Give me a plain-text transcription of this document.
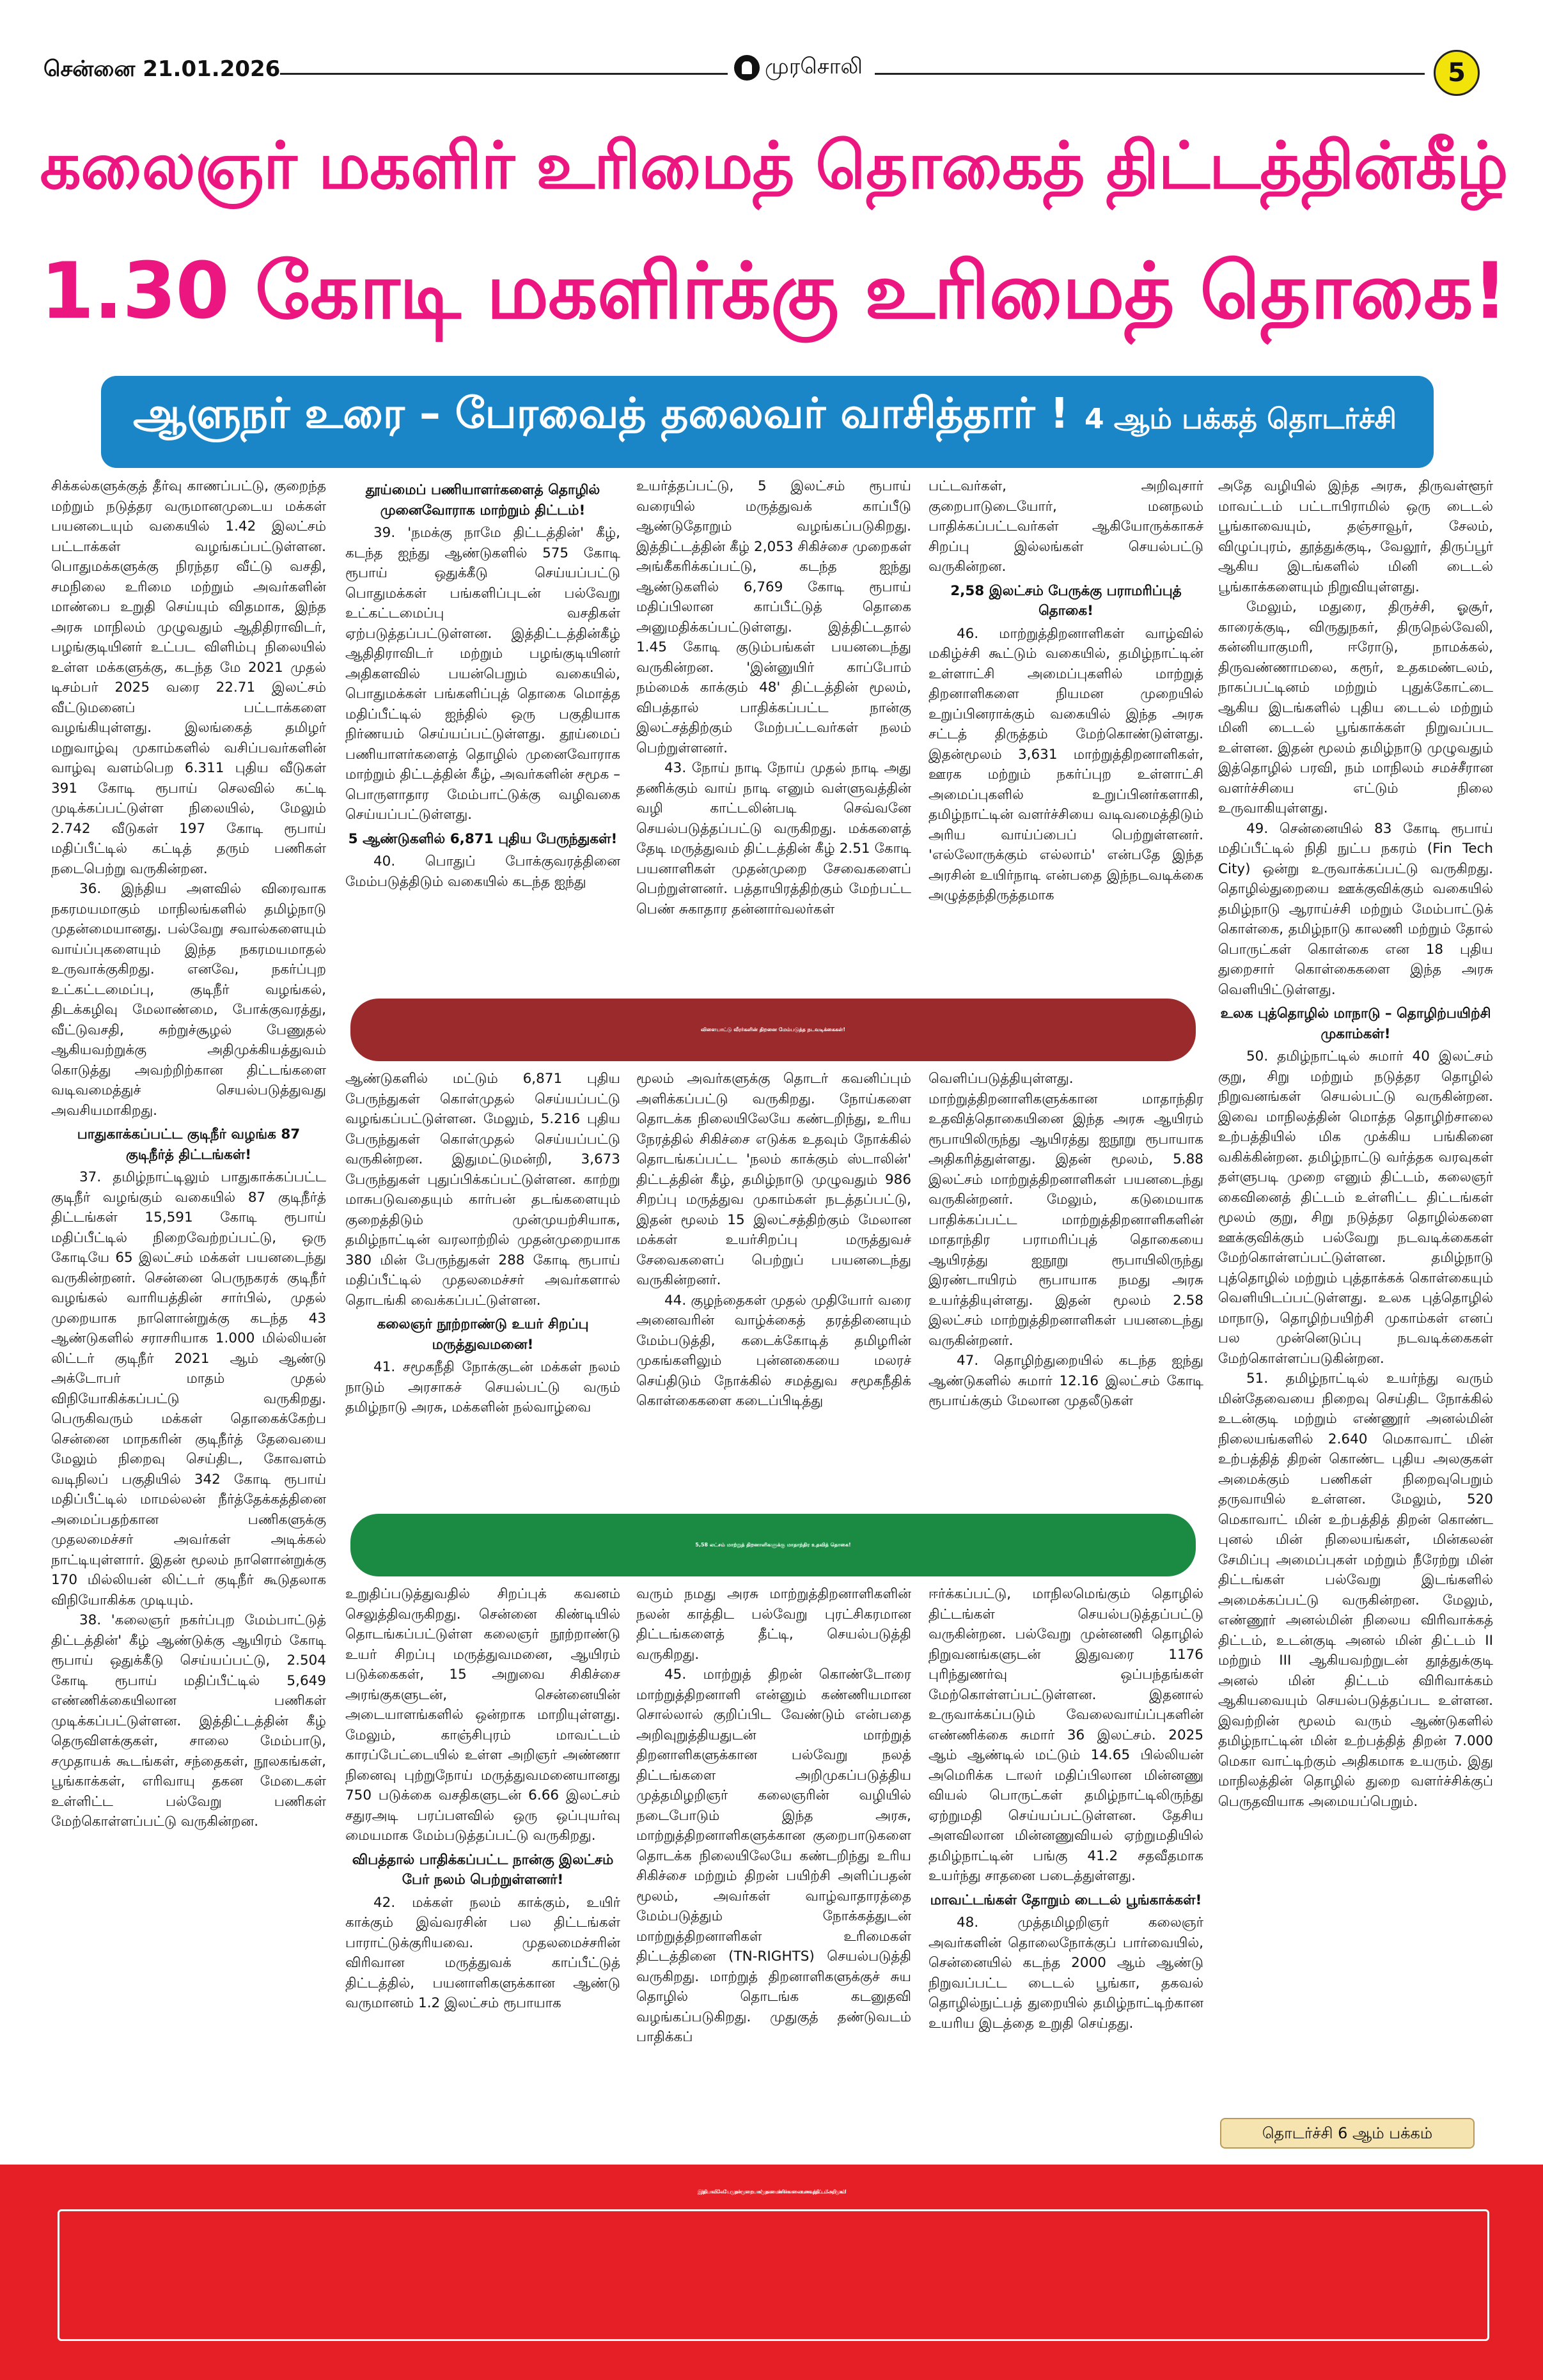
சென்னை 21.01.2026	முரசொலி	5
கலைஞர் மகளிர் உரிமைத் தொகைத் திட்டத்தின்கீழ்
1.30 கோடி மகளிர்க்கு உரிமைத் தொகை!
ஆளுநர் உரை – பேரவைத் தலைவர் வாசித்தார் ! 4 ஆம் பக்கத் தொடர்ச்சி

சிக்கல்களுக்குத் தீர்வு காணப்பட்டு, குறைந்த மற்றும் நடுத்தர வருமானமுடைய மக்கள் பயனடையும் வகையில் 1.42 இலட்சம் பட்டாக்கள் வழங்கப்பட்டுள்ளன. பொதுமக்களுக்கு நிரந்தர வீட்டு வசதி, சமநிலை உரிமை மற்றும் அவர்களின் மாண்பை உறுதி செய்யும் விதமாக, இந்த அரசு மாநிலம் முழுவதும் ஆதிதிராவிடர், பழங்குடியினர் உட்பட விளிம்பு நிலையில் உள்ள மக்களுக்கு, கடந்த மே 2021 முதல் டிசம்பர் 2025 வரை 22.71 இலட்சம் வீட்டுமனைப் பட்டாக்களை வழங்கியுள்ளது. இலங்கைத் தமிழர் மறுவாழ்வு முகாம்களில் வசிப்பவர்களின் வாழ்வு வளம்பெற 6.311 புதிய வீடுகள் 391 கோடி ரூபாய் செலவில் கட்டி முடிக்கப்பட்டுள்ள நிலையில், மேலும் 2.742 வீடுகள் 197 கோடி ரூபாய் மதிப்பீட்டில் கட்டித் தரும் பணிகள் நடைபெற்று வருகின்றன.

36. இந்திய அளவில் விரைவாக நகரமயமாகும் மாநிலங்களில் தமிழ்நாடு முதன்மையானது. பல்வேறு சவால்களையும் வாய்ப்புகளையும் இந்த நகரமயமாதல் உருவாக்குகிறது. எனவே, நகர்ப்புற உட்கட்டமைப்பு, குடிநீர் வழங்கல், திடக்கழிவு மேலாண்மை, போக்குவரத்து, வீட்டுவசதி, சுற்றுச்சூழல் பேணுதல் ஆகியவற்றுக்கு அதிமுக்கியத்துவம் கொடுத்து அவற்றிற்கான திட்டங்களை வடிவமைத்துச் செயல்படுத்துவது அவசியமாகிறது.

பாதுகாக்கப்பட்ட குடிநீர் வழங்க 87 குடிநீர்த் திட்டங்கள்!

37. தமிழ்நாட்டிலும் பாதுகாக்கப்பட்ட குடிநீர் வழங்கும் வகையில் 87 குடிநீர்த் திட்டங்கள் 15,591 கோடி ரூபாய் மதிப்பீட்டில் நிறைவேற்றப்பட்டு, ஒரு கோடியே 65 இலட்சம் மக்கள் பயனடைந்து வருகின்றனர். சென்னை பெருநகரக் குடிநீர் வழங்கல் வாரியத்தின் சார்பில், முதல் முறையாக நாளொன்றுக்கு கடந்த 43 ஆண்டுகளில் சராசரியாக 1.000 மில்லியன் லிட்டர் குடிநீர் 2021 ஆம் ஆண்டு அக்டோபர் மாதம் முதல் விநியோகிக்கப்பட்டு வருகிறது. பெருகிவரும் மக்கள் தொகைக்கேற்ப சென்னை மாநகரின் குடிநீர்த் தேவையை மேலும் நிறைவு செய்திட, கோவளம் வடிநிலப் பகுதியில் 342 கோடி ரூபாய் மதிப்பீட்டில் மாமல்லன் நீர்த்தேக்கத்தினை அமைப்பதற்கான பணிகளுக்கு முதலமைச்சர் அவர்கள் அடிக்கல் நாட்டியுள்ளார். இதன் மூலம் நாளொன்றுக்கு 170 மில்லியன் லிட்டர் குடிநீர் கூடுதலாக விநியோகிக்க முடியும்.

38. 'கலைஞர் நகர்ப்புற மேம்பாட்டுத் திட்டத்தின்' கீழ் ஆண்டுக்கு ஆயிரம் கோடி ரூபாய் ஒதுக்கீடு செய்யப்பட்டு, 2.504 கோடி ரூபாய் மதிப்பீட்டில் 5,649 எண்ணிக்கையிலான பணிகள் முடிக்கப்பட்டுள்ளன. இத்திட்டத்தின் கீழ் தெருவிளக்குகள், சாலை மேம்பாடு, சமுதாயக் கூடங்கள், சந்தைகள், நூலகங்கள், பூங்காக்கள், எரிவாயு தகன மேடைகள் உள்ளிட்ட பல்வேறு பணிகள் மேற்கொள்ளப்பட்டு வருகின்றன.

தூய்மைப் பணியாளர்களைத் தொழில் முனைவோராக மாற்றும் திட்டம்!

39. 'நமக்கு நாமே திட்டத்தின்' கீழ், கடந்த ஐந்து ஆண்டுகளில் 575 கோடி ரூபாய் ஒதுக்கீடு செய்யப்பட்டு பொதுமக்கள் பங்களிப்புடன் பல்வேறு உட்கட்டமைப்பு வசதிகள் ஏற்படுத்தப்பட்டுள்ளன. இத்திட்டத்தின்கீழ் ஆதிதிராவிடர் மற்றும் பழங்குடியினர் அதிகளவில் பயன்பெறும் வகையில், பொதுமக்கள் பங்களிப்புத் தொகை மொத்த மதிப்பீட்டில் ஐந்தில் ஒரு பகுதியாக நிர்ணயம் செய்யப்பட்டுள்ளது. தூய்மைப் பணியாளர்களைத் தொழில் முனைவோராக மாற்றும் திட்டத்தின் கீழ், அவர்களின் சமூக – பொருளாதார மேம்பாட்டுக்கு வழிவகை செய்யப்பட்டுள்ளது.

5 ஆண்டுகளில் 6,871 புதிய பேருந்துகள்!

40. பொதுப் போக்குவரத்தினை மேம்படுத்திடும் வகையில் கடந்த ஐந்து

உயர்த்தப்பட்டு, 5 இலட்சம் ரூபாய் வரையில் மருத்துவக் காப்பீடு ஆண்டுதோறும் வழங்கப்படுகிறது. இத்திட்டத்தின் கீழ் 2,053 சிகிச்சை முறைகள் அங்கீகரிக்கப்பட்டு, கடந்த ஐந்து ஆண்டுகளில் 6,769 கோடி ரூபாய் மதிப்பிலான காப்பீட்டுத் தொகை அனுமதிக்கப்பட்டுள்ளது. இத்திட்டதால் 1.45 கோடி குடும்பங்கள் பயனடைந்து வருகின்றன. 'இன்னுயிர் காப்போம் நம்மைக் காக்கும் 48' திட்டத்தின் மூலம், விபத்தால் பாதிக்கப்பட்ட நான்கு இலட்சத்திற்கும் மேற்பட்டவர்கள் நலம் பெற்றுள்ளனர்.

43. நோய் நாடி நோய் முதல் நாடி அது தணிக்கும் வாய் நாடி எனும் வள்ளுவத்தின் வழி காட்டலின்படி செவ்வனே செயல்படுத்தப்பட்டு வருகிறது. மக்களைத் தேடி மருத்துவம் திட்டத்தின் கீழ் 2.51 கோடி பயனாளிகள் முதன்முறை சேவைகளைப் பெற்றுள்ளனர். பத்தாயிரத்திற்கும் மேற்பட்ட பெண் சுகாதார தன்னார்வலர்கள்

பட்டவர்கள், அறிவுசார் குறைபாடுடையோர், மனநலம் பாதிக்கப்பட்டவர்கள் ஆகியோருக்காகச் சிறப்பு இல்லங்கள் செயல்பட்டு வருகின்றன.

2,58 இலட்சம் பேருக்கு பராமரிப்புத் தொகை!

46. மாற்றுத்திறனாளிகள் வாழ்வில் மகிழ்ச்சி கூட்டும் வகையில், தமிழ்நாட்டின் உள்ளாட்சி அமைப்புகளில் மாற்றுத் திறனாளிகளை நியமன முறையில் உறுப்பினராக்கும் வகையில் இந்த அரசு சட்டத் திருத்தம் மேற்கொண்டுள்ளது. இதன்மூலம் 3,631 மாற்றுத்திறனாளிகள், ஊரக மற்றும் நகர்ப்புற உள்ளாட்சி அமைப்புகளில் உறுப்பினர்களாகி, தமிழ்நாட்டின் வளர்ச்சியை வடிவமைத்திடும் அரிய வாய்ப்பைப் பெற்றுள்ளனர். 'எல்லோருக்கும் எல்லாம்' என்பதே இந்த அரசின் உயிர்நாடி என்பதை இந்நடவடிக்கை அழுத்தந்திருத்தமாக

அதே வழியில் இந்த அரசு, திருவள்ளூர் மாவட்டம் பட்டாபிராமில் ஒரு டைடல் பூங்காவையும், தஞ்சாவூர், சேலம், விழுப்புரம், தூத்துக்குடி, வேலூர், திருப்பூர் ஆகிய இடங்களில் மினி டைடல் பூங்காக்களையும் நிறுவியுள்ளது.

மேலும், மதுரை, திருச்சி, ஓசூர், காரைக்குடி, விருதுநகர், திருநெல்வேலி, கன்னியாகுமரி, ஈரோடு, நாமக்கல், திருவண்ணாமலை, கரூர், உதகமண்டலம், நாகப்பட்டினம் மற்றும் புதுக்கோட்டை ஆகிய இடங்களில் புதிய டைடல் மற்றும் மினி டைடல் பூங்காக்கள் நிறுவப்பட உள்ளன. இதன் மூலம் தமிழ்நாடு முழுவதும் இத்தொழில் பரவி, நம் மாநிலம் சமச்சீரான வளர்ச்சியை எட்டும் நிலை உருவாகியுள்ளது.

49. சென்னையில் 83 கோடி ரூபாய் மதிப்பீட்டில் நிதி நுட்ப நகரம் (Fin Tech City) ஒன்று உருவாக்கப்பட்டு வருகிறது. தொழில்துறையை ஊக்குவிக்கும் வகையில் தமிழ்நாடு ஆராய்ச்சி மற்றும் மேம்பாட்டுக் கொள்கை, தமிழ்நாடு காலணி மற்றும் தோல் பொருட்கள் கொள்கை என 18 புதிய துறைசார் கொள்கைகளை இந்த அரசு வெளியிட்டுள்ளது.

உலக புத்தொழில் மாநாடு – தொழிற்பயிற்சி முகாம்கள்!

50. தமிழ்நாட்டில் சுமார் 40 இலட்சம் குறு, சிறு மற்றும் நடுத்தர தொழில் நிறுவனங்கள் செயல்பட்டு வருகின்றன. இவை மாநிலத்தின் மொத்த தொழிற்சாலை உற்பத்தியில் மிக முக்கிய பங்கினை வகிக்கின்றன. தமிழ்நாட்டு வர்த்தக வரவுகள் தள்ளுபடி முறை எனும் திட்டம், கலைஞர் கைவினைத் திட்டம் உள்ளிட்ட திட்டங்கள் மூலம் குறு, சிறு நடுத்தர தொழில்களை ஊக்குவிக்கும் பல்வேறு நடவடிக்கைகள் மேற்கொள்ளப்பட்டுள்ளன. தமிழ்நாடு புத்தொழில் மற்றும் புத்தாக்கக் கொள்கையும் வெளியிடப்பட்டுள்ளது. உலக புத்தொழில் மாநாடு, தொழிற்பயிற்சி முகாம்கள் எனப் பல முன்னெடுப்பு நடவடிக்கைகள் மேற்கொள்ளப்படுகின்றன.

51. தமிழ்நாட்டில் உயர்ந்து வரும் மின்தேவையை நிறைவு செய்திட நோக்கில் உடன்குடி மற்றும் எண்ணூர் அனல்மின் நிலையங்களில் 2.640 மெகாவாட் மின் உற்பத்தித் திறன் கொண்ட புதிய அலகுகள் அமைக்கும் பணிகள் நிறைவுபெறும் தருவாயில் உள்ளன. மேலும், 520 மெகாவாட் மின் உற்பத்தித் திறன் கொண்ட புனல் மின் நிலையங்கள், மின்கலன் சேமிப்பு அமைப்புகள் மற்றும் நீரேற்று மின் திட்டங்கள் பல்வேறு இடங்களில் அமைக்கப்பட்டு வருகின்றன. மேலும், எண்ணூர் அனல்மின் நிலைய விரிவாக்கத் திட்டம், உடன்குடி அனல் மின் திட்டம் II மற்றும் III ஆகியவற்றுடன் தூத்துக்குடி அனல் மின் திட்டம் விரிவாக்கம் ஆகியவையும் செயல்படுத்தப்பட உள்ளன. இவற்றின் மூலம் வரும் ஆண்டுகளில் தமிழ்நாட்டின் மின் உற்பத்தித் திறன் 7.000 மெகா வாட்டிற்கும் அதிகமாக உயரும். இது மாநிலத்தின் தொழில் துறை வளர்ச்சிக்குப் பெருதவியாக அமையப்பெறும்.

விளையாட்டு வீரர்களின் திறனை மேம்படுத்த நடவடிக்கைகள்!

ஆண்டுகளில் மட்டும் 6,871 புதிய பேருந்துகள் கொள்முதல் செய்யப்பட்டு வழங்கப்பட்டுள்ளன. மேலும், 5.216 புதிய பேருந்துகள் கொள்முதல் செய்யப்பட்டு வருகின்றன. இதுமட்டுமன்றி, 3,673 பேருந்துகள் புதுப்பிக்கப்பட்டுள்ளன. காற்று மாசுபடுவதையும் கார்பன் தடங்களையும் குறைத்திடும் முன்முயற்சியாக, தமிழ்நாட்டின் வரலாற்றில் முதன்முறையாக 380 மின் பேருந்துகள் 288 கோடி ரூபாய் மதிப்பீட்டில் முதலமைச்சர் அவர்களால் தொடங்கி வைக்கப்பட்டுள்ளன.

கலைஞர் நூற்றாண்டு உயர் சிறப்பு மருத்துவமனை!

41. சமூகநீதி நோக்குடன் மக்கள் நலம் நாடும் அரசாகச் செயல்பட்டு வரும் தமிழ்நாடு அரசு, மக்களின் நல்வாழ்வை

மூலம் அவர்களுக்கு தொடர் கவனிப்பும் அளிக்கப்பட்டு வருகிறது. நோய்களை தொடக்க நிலையிலேயே கண்டறிந்து, உரிய நேரத்தில் சிகிச்சை எடுக்க உதவும் நோக்கில் தொடங்கப்பட்ட 'நலம் காக்கும் ஸ்டாலின்' திட்டத்தின் கீழ், தமிழ்நாடு முழுவதும் 986 சிறப்பு மருத்துவ முகாம்கள் நடத்தப்பட்டு, இதன் மூலம் 15 இலட்சத்திற்கும் மேலான மக்கள் உயர்சிறப்பு மருத்துவச் சேவைகளைப் பெற்றுப் பயனடைந்து வருகின்றனர்.

44. குழந்தைகள் முதல் முதியோர் வரை அனைவரின் வாழ்க்கைத் தரத்தினையும் மேம்படுத்தி, கடைக்கோடித் தமிழரின் முகங்களிலும் புன்னகையை மலரச் செய்திடும் நோக்கில் சமத்துவ சமூகநீதிக் கொள்கைகளை கடைப்பிடித்து

வெளிப்படுத்தியுள்ளது. மாற்றுத்திறனாளிகளுக்கான மாதாந்திர உதவித்தொகையினை இந்த அரசு ஆயிரம் ரூபாயிலிருந்து ஆயிரத்து ஐநூறு ரூபாயாக அதிகரித்துள்ளது. இதன் மூலம், 5.88 இலட்சம் மாற்றுத்திறனாளிகள் பயனடைந்து வருகின்றனர். மேலும், கடுமையாக பாதிக்கப்பட்ட மாற்றுத்திறனாளிகளின் மாதாந்திர பராமரிப்புத் தொகையை ஆயிரத்து ஐநூறு ரூபாயிலிருந்து இரண்டாயிரம் ரூபாயாக நமது அரசு உயர்த்தியுள்ளது. இதன் மூலம் 2.58 இலட்சம் மாற்றுத்திறனாளிகள் பயனடைந்து வருகின்றனர்.

47. தொழிற்துறையில் கடந்த ஐந்து ஆண்டுகளில் சுமார் 12.16 இலட்சம் கோடி ரூபாய்க்கும் மேலான முதலீடுகள்

5,58 லட்சம் மாற்றுத் திறனாளிகளுக்கு மாதாந்திர உதவித் தொகை!

உறுதிப்படுத்துவதில் சிறப்புக் கவனம் செலுத்திவருகிறது. சென்னை கிண்டியில் தொடங்கப்பட்டுள்ள கலைஞர் நூற்றாண்டு உயர் சிறப்பு மருத்துவமனை, ஆயிரம் படுக்கைகள், 15 அறுவை சிகிச்சை அரங்குகளுடன், சென்னையின் அடையாளங்களில் ஒன்றாக மாறியுள்ளது. மேலும், காஞ்சிபுரம் மாவட்டம் காரப்பேட்டையில் உள்ள அறிஞர் அண்ணா நினைவு புற்றுநோய் மருத்துவமனையானது 750 படுக்கை வசதிகளுடன் 6.66 இலட்சம் சதுரஅடி பரப்பளவில் ஒரு ஒப்புயர்வு மையமாக மேம்படுத்தப்பட்டு வருகிறது.

விபத்தால் பாதிக்கப்பட்ட நான்கு இலட்சம் பேர் நலம் பெற்றுள்ளனர்!

42. மக்கள் நலம் காக்கும், உயிர் காக்கும் இவ்வரசின் பல திட்டங்கள் பாராட்டுக்குரியவை. முதலமைச்சரின் விரிவான மருத்துவக் காப்பீட்டுத் திட்டத்தில், பயனாளிகளுக்கான ஆண்டு வருமானம் 1.2 இலட்சம் ரூபாயாக

வரும் நமது அரசு மாற்றுத்திறனாளிகளின் நலன் காத்திட பல்வேறு புரட்சிகரமான திட்டங்களைத் தீட்டி, செயல்படுத்தி வருகிறது.

45. மாற்றுத் திறன் கொண்டோரை மாற்றுத்திறனாளி என்னும் கண்ணியமான சொல்லால் குறிப்பிட வேண்டும் என்பதை அறிவுறுத்தியதுடன் மாற்றுத் திறனாளிகளுக்கான பல்வேறு நலத் திட்டங்களை அறிமுகப்படுத்திய முத்தமிழறிஞர் கலைஞரின் வழியில் நடைபோடும் இந்த அரசு, மாற்றுத்திறனாளிகளுக்கான குறைபாடுகளை தொடக்க நிலையிலேயே கண்டறிந்து உரிய சிகிச்சை மற்றும் திறன் பயிற்சி அளிப்பதன் மூலம், அவர்கள் வாழ்வாதாரத்தை மேம்படுத்தும் நோக்கத்துடன் மாற்றுத்திறனாளிகள் உரிமைகள் திட்டத்தினை (TN-RIGHTS) செயல்படுத்தி வருகிறது. மாற்றுத் திறனாளிகளுக்குச் சுய தொழில் தொடங்க கடனுதவி வழங்கப்படுகிறது. முதுகுத் தண்டுவடம் பாதிக்கப்

ஈர்க்கப்பட்டு, மாநிலமெங்கும் தொழில் திட்டங்கள் செயல்படுத்தப்பட்டு வருகின்றன. பல்வேறு முன்னணி தொழில் நிறுவனங்களுடன் இதுவரை 1176 புரிந்துணர்வு ஒப்பந்தங்கள் மேற்கொள்ளப்பட்டுள்ளன. இதனால் உருவாக்கப்படும் வேலைவாய்ப்புகளின் எண்ணிக்கை சுமார் 36 இலட்சம். 2025 ஆம் ஆண்டில் மட்டும் 14.65 பில்லியன் அமெரிக்க டாலர் மதிப்பிலான மின்னணு வியல் பொருட்கள் தமிழ்நாட்டிலிருந்து ஏற்றுமதி செய்யப்பட்டுள்ளன. தேசிய அளவிலான மின்னணுவியல் ஏற்றுமதியில் தமிழ்நாட்டின் பங்கு 41.2 சதவீதமாக உயர்ந்து சாதனை படைத்துள்ளது.

மாவட்டங்கள் தோறும் டைடல் பூங்காக்கள்!

48. முத்தமிழறிஞர் கலைஞர் அவர்களின் தொலைநோக்குப் பார்வையில், சென்னையில் கடந்த 2000 ஆம் ஆண்டு நிறுவப்பட்ட டைடல் பூங்கா, தகவல் தொழில்நுட்பத் துறையில் தமிழ்நாட்டிற்கான உயரிய இடத்தை உறுதி செய்தது.

தொடர்ச்சி 6 ஆம் பக்கம்
இந்தியாவிலேயே முதன் முறையாக 'முதலமைச்சரின் காலை உணவுத் திட்டம்' அறிமுகம்!
